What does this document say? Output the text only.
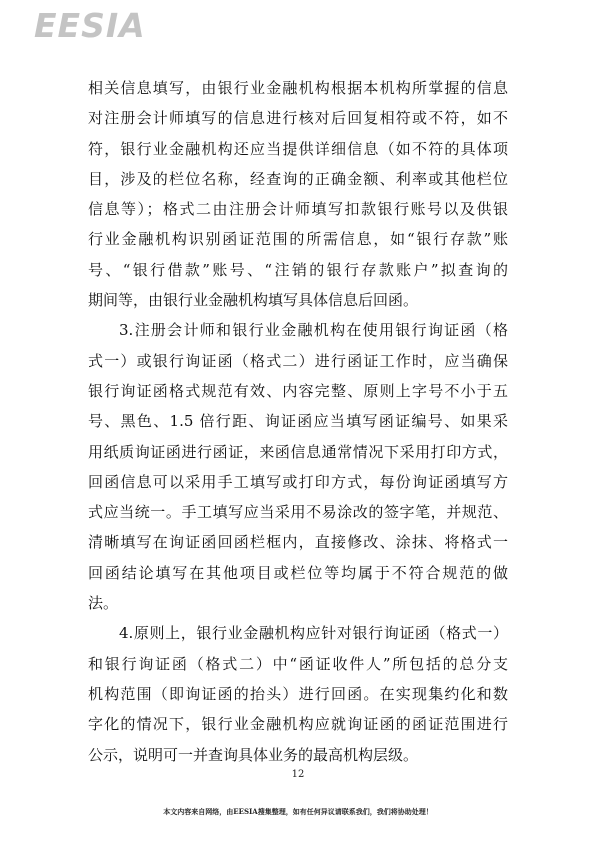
EESIA
相关信息填写，由银行业金融机构根据本机构所掌握的信息
对注册会计师填写的信息进行核对后回复相符或不符，如不
符，银行业金融机构还应当提供详细信息（如不符的具体项
目，涉及的栏位名称，经查询的正确金额、利率或其他栏位
信息等）；格式二由注册会计师填写扣款银行账号以及供银
行业金融机构识别函证范围的所需信息，如“银行存款”账
号、“银行借款”账号、“注销的银行存款账户”拟查询的
期间等，由银行业金融机构填写具体信息后回函。
3.注册会计师和银行业金融机构在使用银行询证函（格
式一）或银行询证函（格式二）进行函证工作时，应当确保
银行询证函格式规范有效、内容完整、原则上字号不小于五
号、黑色、1.5 倍行距、询证函应当填写函证编号、如果采
用纸质询证函进行函证，来函信息通常情况下采用打印方式，
回函信息可以采用手工填写或打印方式，每份询证函填写方
式应当统一。手工填写应当采用不易涂改的签字笔，并规范、
清晰填写在询证函回函栏框内，直接修改、涂抹、将格式一
回函结论填写在其他项目或栏位等均属于不符合规范的做
法。
4.原则上，银行业金融机构应针对银行询证函（格式一）
和银行询证函（格式二）中“函证收件人”所包括的总分支
机构范围（即询证函的抬头）进行回函。在实现集约化和数
字化的情况下，银行业金融机构应就询证函的函证范围进行
公示，说明可一并查询具体业务的最高机构层级。
12
本文内容来自网络，由EESIA搜集整理，如有任何异议请联系我们，我们将协助处理！
